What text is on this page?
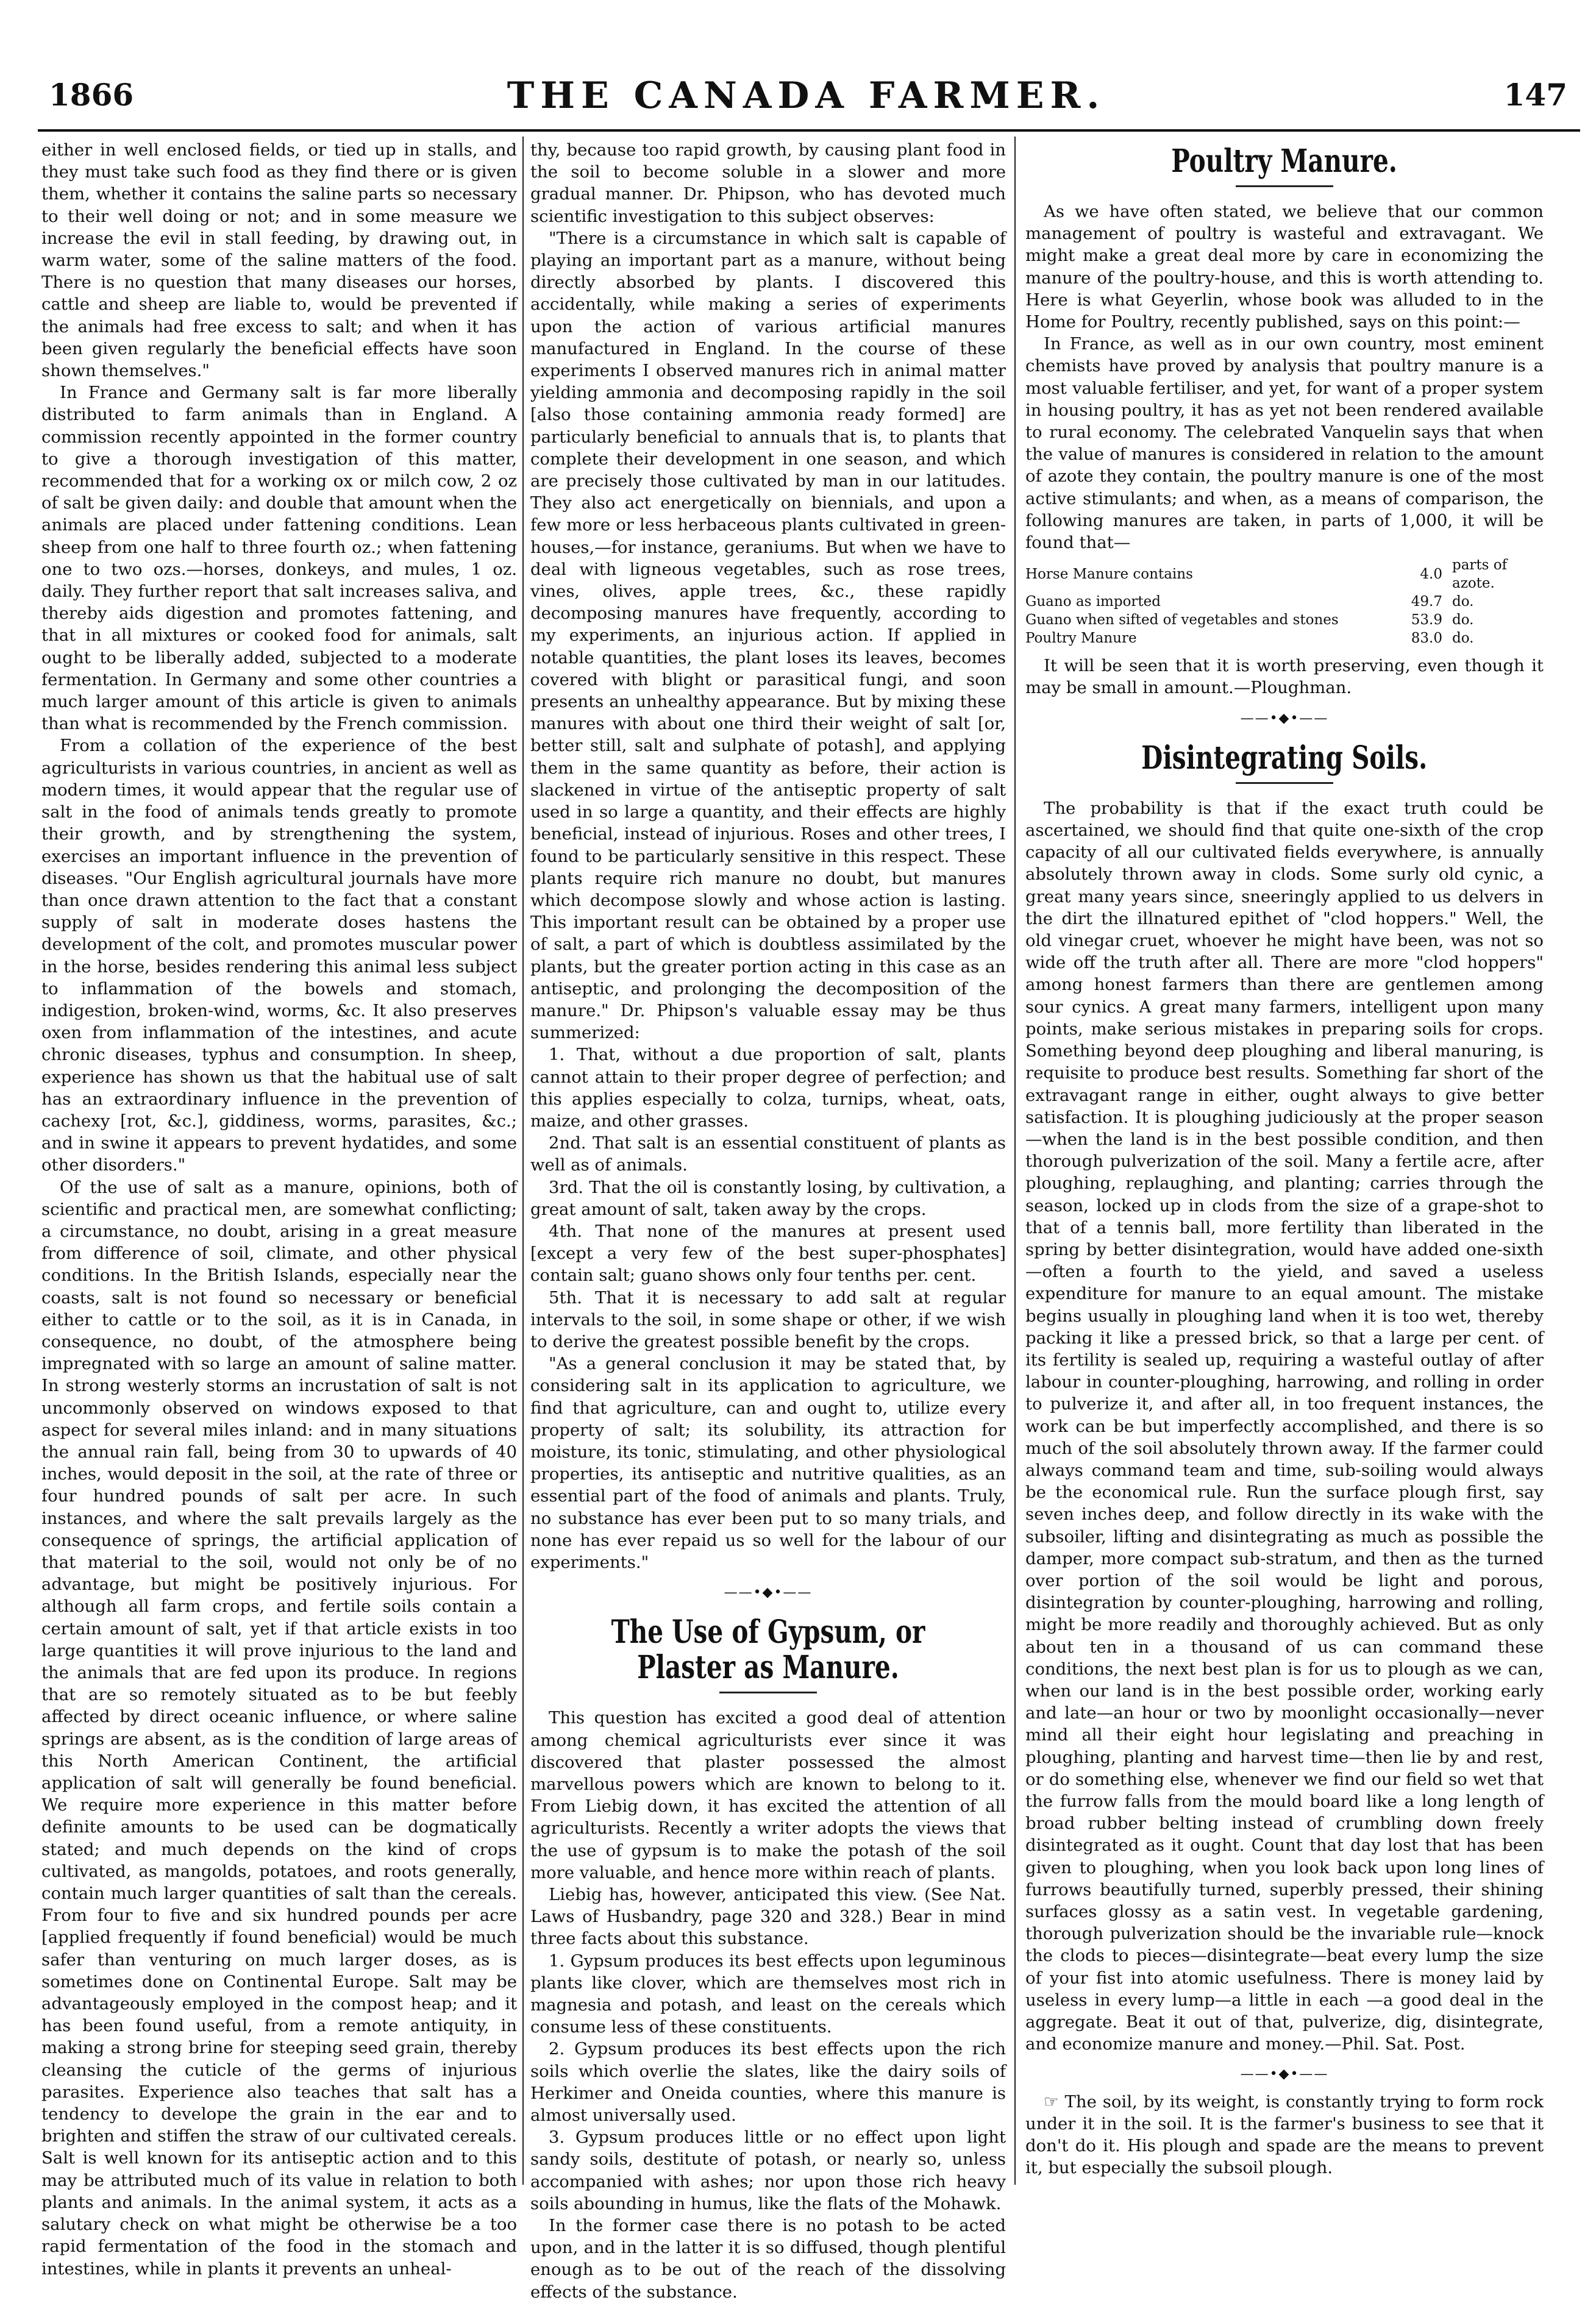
1866	THE CANADA FARMER.	147

either in well enclosed fields, or tied up in stalls, and they must take such food as they find there or is given them, whether it contains the saline parts so necessary to their well doing or not; and in some measure we increase the evil in stall feeding, by drawing out, in warm water, some of the saline matters of the food. There is no question that many diseases our horses, cattle and sheep are liable to, would be prevented if the animals had free excess to salt; and when it has been given regularly the beneficial effects have soon shown themselves."

In France and Germany salt is far more liberally distributed to farm animals than in England. A commission recently appointed in the former country to give a thorough investigation of this matter, recommended that for a working ox or milch cow, 2 oz of salt be given daily: and double that amount when the animals are placed under fattening conditions. Lean sheep from one half to three fourth oz.; when fattening one to two ozs.—horses, donkeys, and mules, 1 oz. daily. They further report that salt increases saliva, and thereby aids digestion and promotes fattening, and that in all mixtures or cooked food for animals, salt ought to be liberally added, subjected to a moderate fermentation. In Germany and some other countries a much larger amount of this article is given to animals than what is recommended by the French commission.

From a collation of the experience of the best agriculturists in various countries, in ancient as well as modern times, it would appear that the regular use of salt in the food of animals tends greatly to promote their growth, and by strengthening the system, exercises an important influence in the prevention of diseases. "Our English agricultural journals have more than once drawn attention to the fact that a constant supply of salt in moderate doses hastens the development of the colt, and promotes muscular power in the horse, besides rendering this animal less subject to inflammation of the bowels and stomach, indigestion, broken-wind, worms, &c. It also preserves oxen from inflammation of the intestines, and acute chronic diseases, typhus and consumption. In sheep, experience has shown us that the habitual use of salt has an extraordinary influence in the prevention of cachexy [rot, &c.], giddiness, worms, parasites, &c.; and in swine it appears to prevent hydatides, and some other disorders."

Of the use of salt as a manure, opinions, both of scientific and practical men, are somewhat conflicting; a circumstance, no doubt, arising in a great measure from difference of soil, climate, and other physical conditions. In the British Islands, especially near the coasts, salt is not found so necessary or beneficial either to cattle or to the soil, as it is in Canada, in consequence, no doubt, of the atmosphere being impregnated with so large an amount of saline matter. In strong westerly storms an incrustation of salt is not uncommonly observed on windows exposed to that aspect for several miles inland: and in many situations the annual rain fall, being from 30 to upwards of 40 inches, would deposit in the soil, at the rate of three or four hundred pounds of salt per acre. In such instances, and where the salt prevails largely as the consequence of springs, the artificial application of that material to the soil, would not only be of no advantage, but might be positively injurious. For although all farm crops, and fertile soils contain a certain amount of salt, yet if that article exists in too large quantities it will prove injurious to the land and the animals that are fed upon its produce. In regions that are so remotely situated as to be but feebly affected by direct oceanic influence, or where saline springs are absent, as is the condition of large areas of this North American Continent, the artificial application of salt will generally be found beneficial. We require more experience in this matter before definite amounts to be used can be dogmatically stated; and much depends on the kind of crops cultivated, as mangolds, potatoes, and roots generally, contain much larger quantities of salt than the cereals. From four to five and six hundred pounds per acre [applied frequently if found beneficial) would be much safer than venturing on much larger doses, as is sometimes done on Continental Europe. Salt may be advantageously employed in the compost heap; and it has been found useful, from a remote antiquity, in making a strong brine for steeping seed grain, thereby cleansing the cuticle of the germs of injurious parasites. Experience also teaches that salt has a tendency to develope the grain in the ear and to brighten and stiffen the straw of our cultivated cereals. Salt is well known for its antiseptic action and to this may be attributed much of its value in relation to both plants and animals. In the animal system, it acts as a salutary check on what might be otherwise be a too rapid fermentation of the food in the stomach and intestines, while in plants it prevents an unheal-

thy, because too rapid growth, by causing plant food in the soil to become soluble in a slower and more gradual manner. Dr. Phipson, who has devoted much scientific investigation to this subject observes:

"There is a circumstance in which salt is capable of playing an important part as a manure, without being directly absorbed by plants. I discovered this accidentally, while making a series of experiments upon the action of various artificial manures manufactured in England. In the course of these experiments I observed manures rich in animal matter yielding ammonia and decomposing rapidly in the soil [also those containing ammonia ready formed] are particularly beneficial to annuals that is, to plants that complete their development in one season, and which are precisely those cultivated by man in our latitudes. They also act energetically on biennials, and upon a few more or less herbaceous plants cultivated in green-houses,—for instance, geraniums. But when we have to deal with ligneous vegetables, such as rose trees, vines, olives, apple trees, &c., these rapidly decomposing manures have frequently, according to my experiments, an injurious action. If applied in notable quantities, the plant loses its leaves, becomes covered with blight or parasitical fungi, and soon presents an unhealthy appearance. But by mixing these manures with about one third their weight of salt [or, better still, salt and sulphate of potash], and applying them in the same quantity as before, their action is slackened in virtue of the antiseptic property of salt used in so large a quantity, and their effects are highly beneficial, instead of injurious. Roses and other trees, I found to be particularly sensitive in this respect. These plants require rich manure no doubt, but manures which decompose slowly and whose action is lasting. This important result can be obtained by a proper use of salt, a part of which is doubtless assimilated by the plants, but the greater portion acting in this case as an antiseptic, and prolonging the decomposition of the manure." Dr. Phipson's valuable essay may be thus summerized:

1. That, without a due proportion of salt, plants cannot attain to their proper degree of perfection; and this applies especially to colza, turnips, wheat, oats, maize, and other grasses.

2nd. That salt is an essential constituent of plants as well as of animals.

3rd. That the oil is constantly losing, by cultivation, a great amount of salt, taken away by the crops.

4th. That none of the manures at present used [except a very few of the best super-phosphates] contain salt; guano shows only four tenths per. cent.

5th. That it is necessary to add salt at regular intervals to the soil, in some shape or other, if we wish to derive the greatest possible benefit by the crops.

"As a general conclusion it may be stated that, by considering salt in its application to agriculture, we find that agriculture, can and ought to, utilize every property of salt; its solubility, its attraction for moisture, its tonic, stimulating, and other physiological properties, its antiseptic and nutritive qualities, as an essential part of the food of animals and plants. Truly, no substance has ever been put to so many trials, and none has ever repaid us so well for the labour of our experiments."

——•◆•——
The Use of Gypsum, or Plaster as Manure.

This question has excited a good deal of attention among chemical agriculturists ever since it was discovered that plaster possessed the almost marvellous powers which are known to belong to it. From Liebig down, it has excited the attention of all agriculturists. Recently a writer adopts the views that the use of gypsum is to make the potash of the soil more valuable, and hence more within reach of plants.

Liebig has, however, anticipated this view. (See Nat. Laws of Husbandry, page 320 and 328.) Bear in mind three facts about this substance.

1. Gypsum produces its best effects upon leguminous plants like clover, which are themselves most rich in magnesia and potash, and least on the cereals which consume less of these constituents.

2. Gypsum produces its best effects upon the rich soils which overlie the slates, like the dairy soils of Herkimer and Oneida counties, where this manure is almost universally used.

3. Gypsum produces little or no effect upon light sandy soils, destitute of potash, or nearly so, unless accompanied with ashes; nor upon those rich heavy soils abounding in humus, like the flats of the Mohawk.

In the former case there is no potash to be acted upon, and in the latter it is so diffused, though plentiful enough as to be out of the reach of the dissolving effects of the substance.

Poultry Manure.

As we have often stated, we believe that our common management of poultry is wasteful and extravagant. We might make a great deal more by care in economizing the manure of the poultry-house, and this is worth attending to. Here is what Geyerlin, whose book was alluded to in the Home for Poultry, recently published, says on this point:—

In France, as well as in our own country, most eminent chemists have proved by analysis that poultry manure is a most valuable fertiliser, and yet, for want of a proper system in housing poultry, it has as yet not been rendered available to rural economy. The celebrated Vanquelin says that when the value of manures is considered in relation to the amount of azote they contain, the poultry manure is one of the most active stimulants; and when, as a means of comparison, the following manures are taken, in parts of 1,000, it will be found that—

Horse Manure contains	4.0	parts of azote.
Guano as imported	49.7	do.
Guano when sifted of vegetables and stones	53.9	do.
Poultry Manure	83.0	do.

It will be seen that it is worth preserving, even though it may be small in amount.—Ploughman.

——•◆•——
Disintegrating Soils.

The probability is that if the exact truth could be ascertained, we should find that quite one-sixth of the crop capacity of all our cultivated fields everywhere, is annually absolutely thrown away in clods. Some surly old cynic, a great many years since, sneeringly applied to us delvers in the dirt the illnatured epithet of "clod hoppers." Well, the old vinegar cruet, whoever he might have been, was not so wide off the truth after all. There are more "clod hoppers" among honest farmers than there are gentlemen among sour cynics. A great many farmers, intelligent upon many points, make serious mistakes in preparing soils for crops. Something beyond deep ploughing and liberal manuring, is requisite to produce best results. Something far short of the extravagant range in either, ought always to give better satisfaction. It is ploughing judiciously at the proper season—when the land is in the best possible condition, and then thorough pulverization of the soil. Many a fertile acre, after ploughing, replaughing, and planting; carries through the season, locked up in clods from the size of a grape-shot to that of a tennis ball, more fertility than liberated in the spring by better disintegration, would have added one-sixth—often a fourth to the yield, and saved a useless expenditure for manure to an equal amount. The mistake begins usually in ploughing land when it is too wet, thereby packing it like a pressed brick, so that a large per cent. of its fertility is sealed up, requiring a wasteful outlay of after labour in counter-ploughing, harrowing, and rolling in order to pulverize it, and after all, in too frequent instances, the work can be but imperfectly accomplished, and there is so much of the soil absolutely thrown away. If the farmer could always command team and time, sub-soiling would always be the economical rule. Run the surface plough first, say seven inches deep, and follow directly in its wake with the subsoiler, lifting and disintegrating as much as possible the damper, more compact sub-stratum, and then as the turned over portion of the soil would be light and porous, disintegration by counter-ploughing, harrowing and rolling, might be more readily and thoroughly achieved. But as only about ten in a thousand of us can command these conditions, the next best plan is for us to plough as we can, when our land is in the best possible order, working early and late—an hour or two by moonlight occasionally—never mind all their eight hour legislating and preaching in ploughing, planting and harvest time—then lie by and rest, or do something else, whenever we find our field so wet that the furrow falls from the mould board like a long length of broad rubber belting instead of crumbling down freely disintegrated as it ought. Count that day lost that has been given to ploughing, when you look back upon long lines of furrows beautifully turned, superbly pressed, their shining surfaces glossy as a satin vest. In vegetable gardening, thorough pulverization should be the invariable rule—knock the clods to pieces—disintegrate—beat every lump the size of your fist into atomic usefulness. There is money laid by useless in every lump—a little in each —a good deal in the aggregate. Beat it out of that, pulverize, dig, disintegrate, and economize manure and money.—Phil. Sat. Post.

——•◆•——

☞ The soil, by its weight, is constantly trying to form rock under it in the soil. It is the farmer's business to see that it don't do it. His plough and spade are the means to prevent it, but especially the subsoil plough.
